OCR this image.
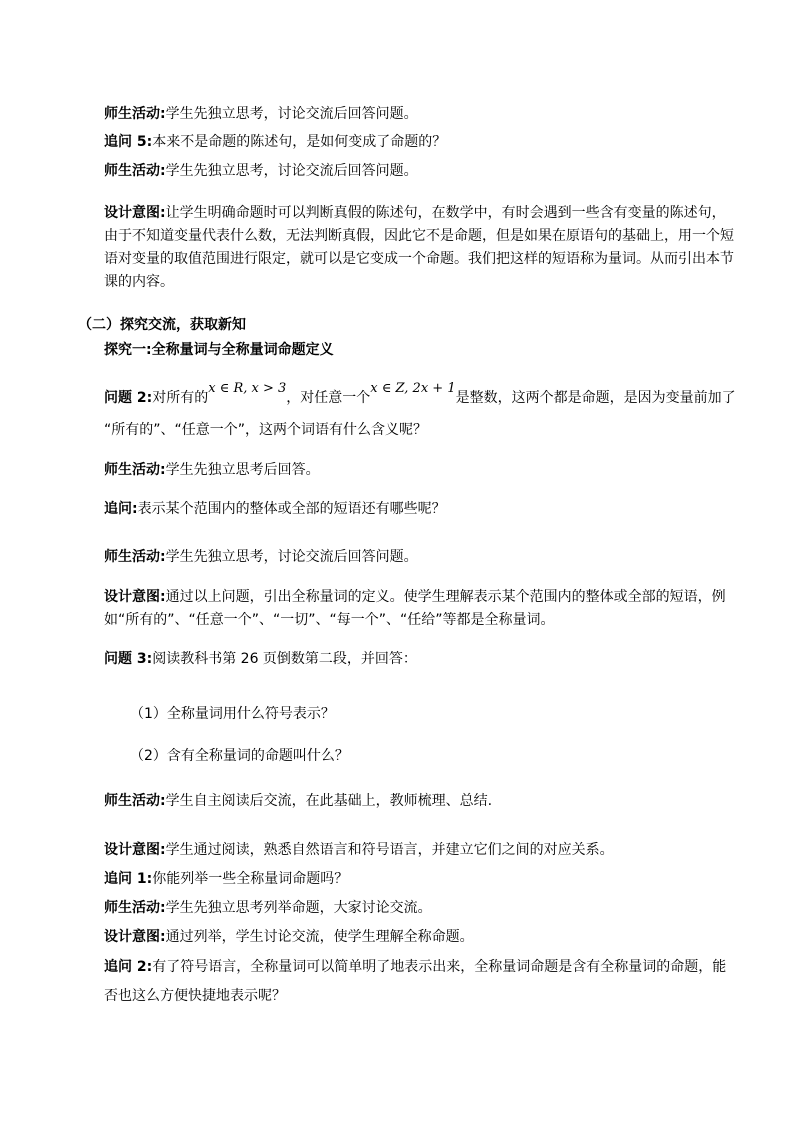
师生活动:学生先独立思考，讨论交流后回答问题。
追问 5:本来不是命题的陈述句，是如何变成了命题的？
师生活动:学生先独立思考，讨论交流后回答问题。
设计意图:让学生明确命题时可以判断真假的陈述句，在数学中，有时会遇到一些含有变量的陈述句，
由于不知道变量代表什么数，无法判断真假，因此它不是命题，但是如果在原语句的基础上，用一个短
语对变量的取值范围进行限定，就可以是它变成一个命题。我们把这样的短语称为量词。从而引出本节
课的内容。
（二）探究交流，获取新知
探究一:全称量词与全称量词命题定义
问题 2:对所有的x ∈ R, x > 3，对任意一个x ∈ Z, 2x + 1是整数，这两个都是命题，是因为变量前加了
“所有的”、“任意一个”，这两个词语有什么含义呢？
师生活动:学生先独立思考后回答。
追问:表示某个范围内的整体或全部的短语还有哪些呢？
师生活动:学生先独立思考，讨论交流后回答问题。
设计意图:通过以上问题，引出全称量词的定义。使学生理解表示某个范围内的整体或全部的短语，例
如“所有的”、“任意一个”、“一切”、“每一个”、“任给”等都是全称量词。
问题 3:阅读教科书第 26 页倒数第二段，并回答：
（1）全称量词用什么符号表示？
（2）含有全称量词的命题叫什么？
师生活动:学生自主阅读后交流，在此基础上，教师梳理、总结.
设计意图:学生通过阅读，熟悉自然语言和符号语言，并建立它们之间的对应关系。
追问 1:你能列举一些全称量词命题吗？
师生活动:学生先独立思考列举命题，大家讨论交流。
设计意图:通过列举，学生讨论交流，使学生理解全称命题。
追问 2:有了符号语言，全称量词可以简单明了地表示出来，全称量词命题是含有全称量词的命题，能
否也这么方便快捷地表示呢？
